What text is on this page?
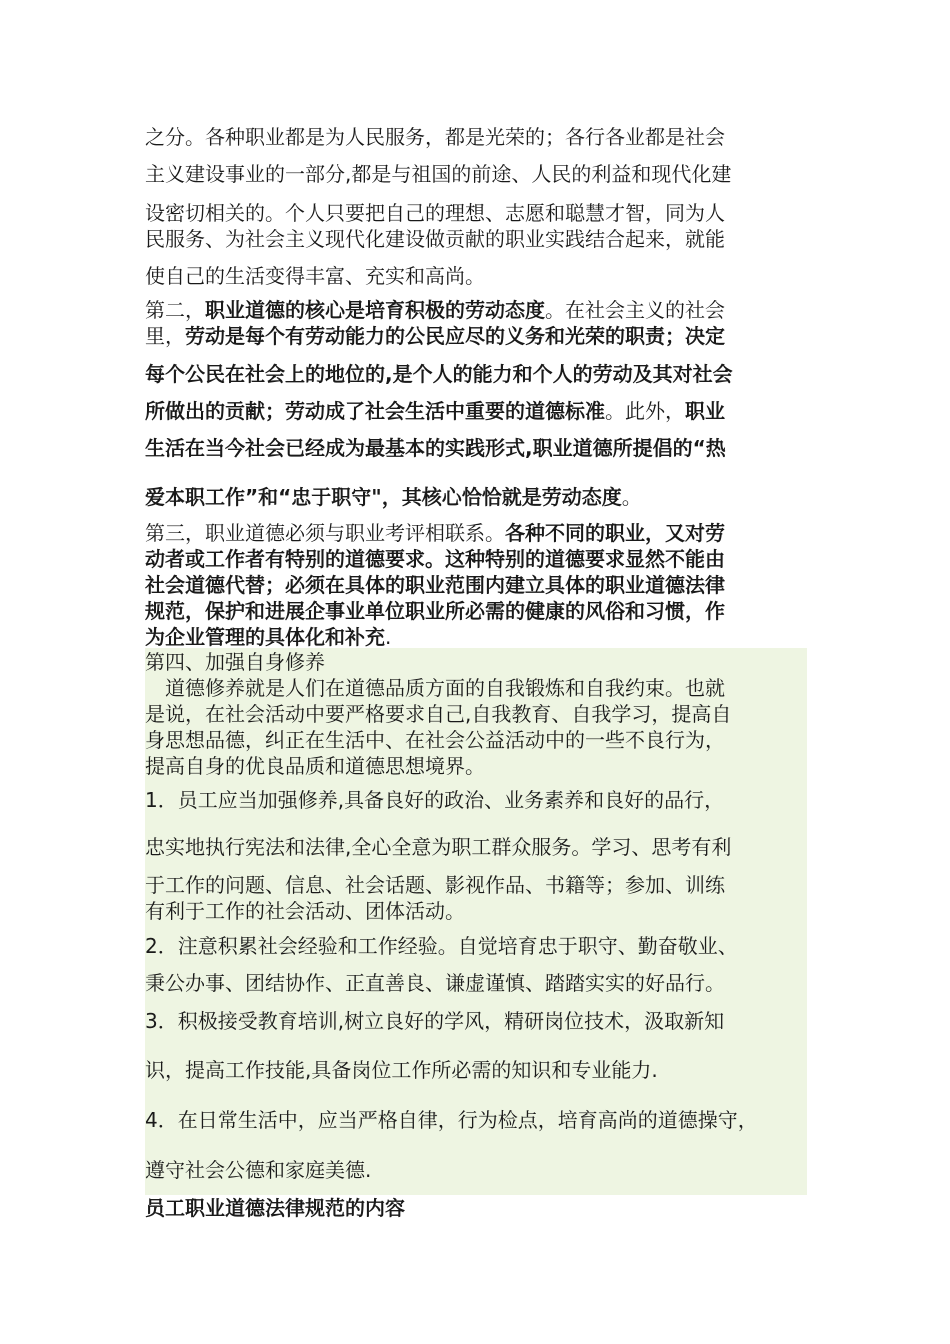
之分。各种职业都是为人民服务，都是光荣的；各行各业都是社会
主义建设事业的一部分,都是与祖国的前途、人民的利益和现代化建
设密切相关的。个人只要把自己的理想、志愿和聪慧才智，同为人
民服务、为社会主义现代化建设做贡献的职业实践结合起来，就能
使自己的生活变得丰富、充实和高尚。
第二，职业道德的核心是培育积极的劳动态度。在社会主义的社会
里，劳动是每个有劳动能力的公民应尽的义务和光荣的职责；决定
每个公民在社会上的地位的,是个人的能力和个人的劳动及其对社会
所做出的贡献；劳动成了社会生活中重要的道德标准。此外，职业
生活在当今社会已经成为最基本的实践形式,职业道德所提倡的“热
爱本职工作”和“忠于职守"，其核心恰恰就是劳动态度。
第三，职业道德必须与职业考评相联系。各种不同的职业，又对劳
动者或工作者有特别的道德要求。这种特别的道德要求显然不能由
社会道德代替；必须在具体的职业范围内建立具体的职业道德法律
规范，保护和进展企事业单位职业所必需的健康的风俗和习惯，作
为企业管理的具体化和补充.
第四、加强自身修养
　道德修养就是人们在道德品质方面的自我锻炼和自我约束。也就
是说，在社会活动中要严格要求自己,自我教育、自我学习，提高自
身思想品德，纠正在生活中、在社会公益活动中的一些不良行为，
提高自身的优良品质和道德思想境界。
1．员工应当加强修养,具备良好的政治、业务素养和良好的品行，
忠实地执行宪法和法律,全心全意为职工群众服务。学习、思考有利
于工作的问题、信息、社会话题、影视作品、书籍等；参加、训练
有利于工作的社会活动、团体活动。
2．注意积累社会经验和工作经验。自觉培育忠于职守、勤奋敬业、
秉公办事、团结协作、正直善良、谦虚谨慎、踏踏实实的好品行。
3．积极接受教育培训,树立良好的学风，精研岗位技术，汲取新知
识，提高工作技能,具备岗位工作所必需的知识和专业能力.
4．在日常生活中，应当严格自律，行为检点，培育高尚的道德操守，
遵守社会公德和家庭美德.
员工职业道德法律规范的内容
